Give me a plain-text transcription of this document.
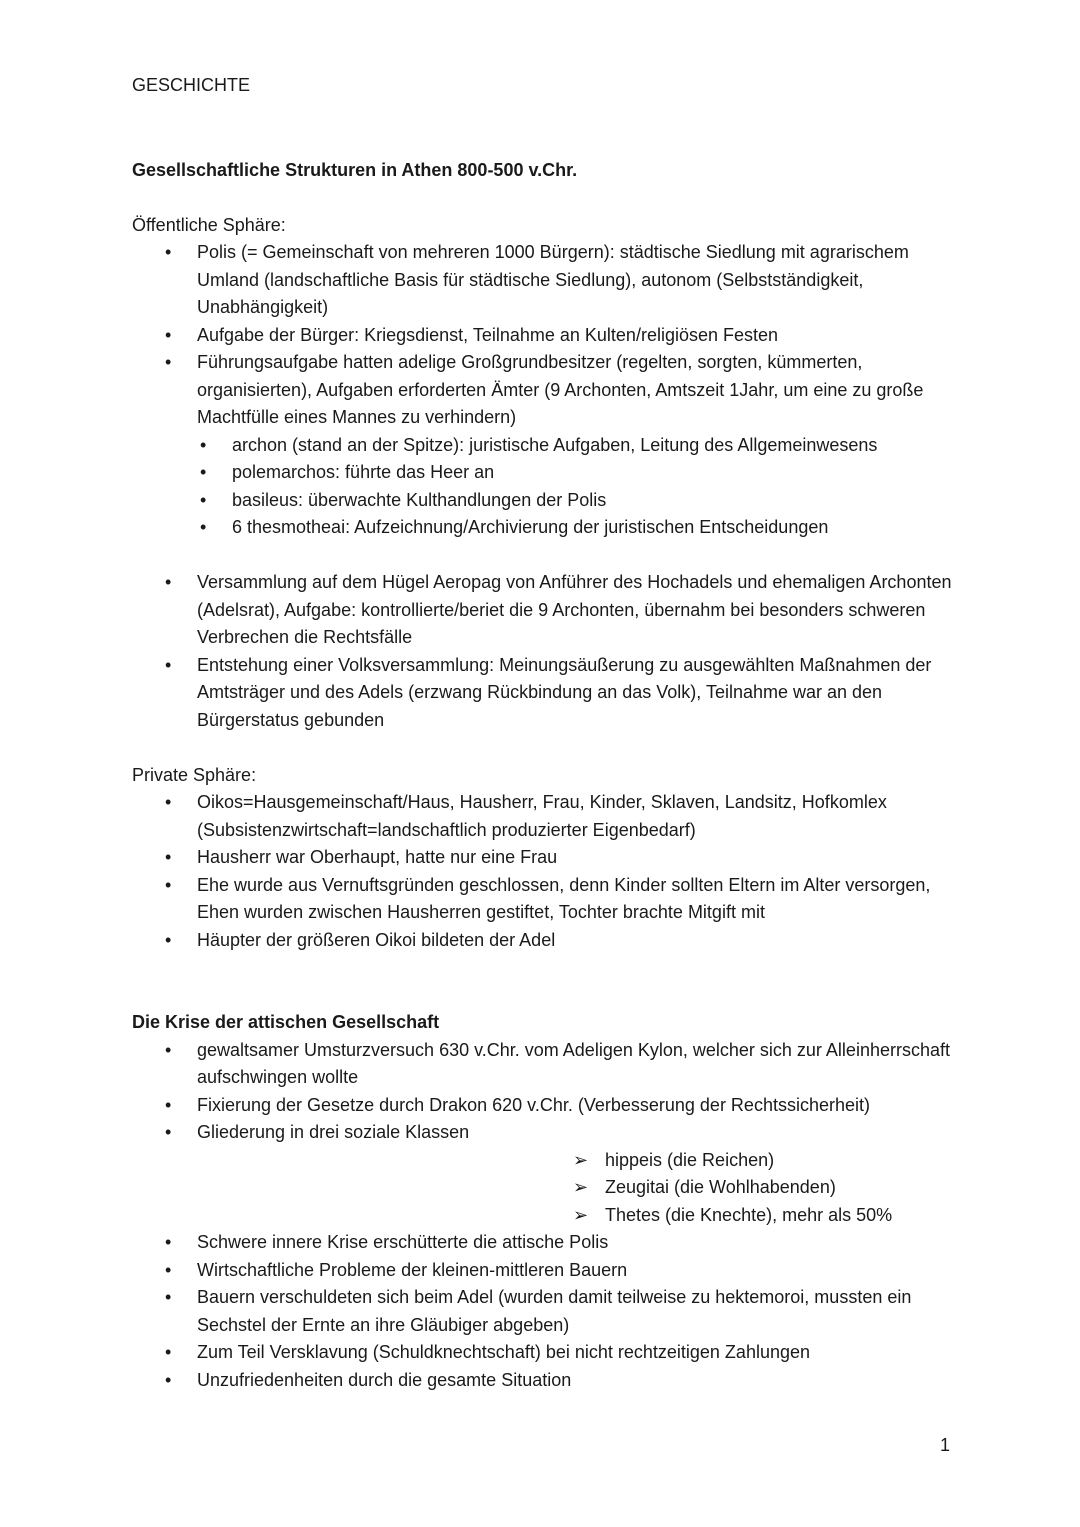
GESCHICHTE
Gesellschaftliche Strukturen in Athen 800-500 v.Chr.

Öffentliche Sphäre:

•	Polis (= Gemeinschaft von mehreren 1000 Bürgern): städtische Siedlung mit agrarischem Umland (landschaftliche Basis für städtische Siedlung), autonom (Selbstständigkeit, Unabhängigkeit)
•	Aufgabe der Bürger: Kriegsdienst, Teilnahme an Kulten/religiösen Festen
•	Führungsaufgabe hatten adelige Großgrundbesitzer (regelten, sorgten, kümmerten, organisierten), Aufgaben erforderten Ämter (9 Archonten, Amtszeit 1Jahr, um eine zu große Machtfülle eines Mannes zu verhindern)
•	archon (stand an der Spitze): juristische Aufgaben, Leitung des Allgemeinwesens
•	polemarchos: führte das Heer an
•	basileus: überwachte Kulthandlungen der Polis
•	6 thesmotheai: Aufzeichnung/Archivierung der juristischen Entscheidungen
•	Versammlung auf dem Hügel Aeropag von Anführer des Hochadels und ehemaligen Archonten (Adelsrat), Aufgabe: kontrollierte/beriet die 9 Archonten, übernahm bei besonders schweren Verbrechen die Rechtsfälle
•	Entstehung einer Volksversammlung: Meinungsäußerung zu ausgewählten Maßnahmen der Amtsträger und des Adels (erzwang Rückbindung an das Volk), Teilnahme war an den Bürgerstatus gebunden

Private Sphäre:

•	Oikos=Hausgemeinschaft/Haus, Hausherr, Frau, Kinder, Sklaven, Landsitz, Hofkomlex (Subsistenzwirtschaft=landschaftlich produzierter Eigenbedarf)
•	Hausherr war Oberhaupt, hatte nur eine Frau
•	Ehe wurde aus Vernuftsgründen geschlossen, denn Kinder sollten Eltern im Alter versorgen, Ehen wurden zwischen Hausherren gestiftet, Tochter brachte Mitgift mit
•	Häupter der größeren Oikoi bildeten der Adel

Die Krise der attischen Gesellschaft

•	gewaltsamer Umsturzversuch 630 v.Chr. vom Adeligen Kylon, welcher sich zur Alleinherrschaft aufschwingen wollte
•	Fixierung der Gesetze durch Drakon 620 v.Chr. (Verbesserung der Rechtssicherheit)
•	Gliederung in drei soziale Klassen
➢ hippeis (die Reichen)
➢ Zeugitai (die Wohlhabenden)
➢ Thetes (die Knechte), mehr als 50%
•	Schwere innere Krise erschütterte die attische Polis
•	Wirtschaftliche Probleme der kleinen-mittleren Bauern
•	Bauern verschuldeten sich beim Adel (wurden damit teilweise zu hektemoroi, mussten ein Sechstel der Ernte an ihre Gläubiger abgeben)
•	Zum Teil Versklavung (Schuldknechtschaft) bei nicht rechtzeitigen Zahlungen
•	Unzufriedenheiten durch die gesamte Situation
1
